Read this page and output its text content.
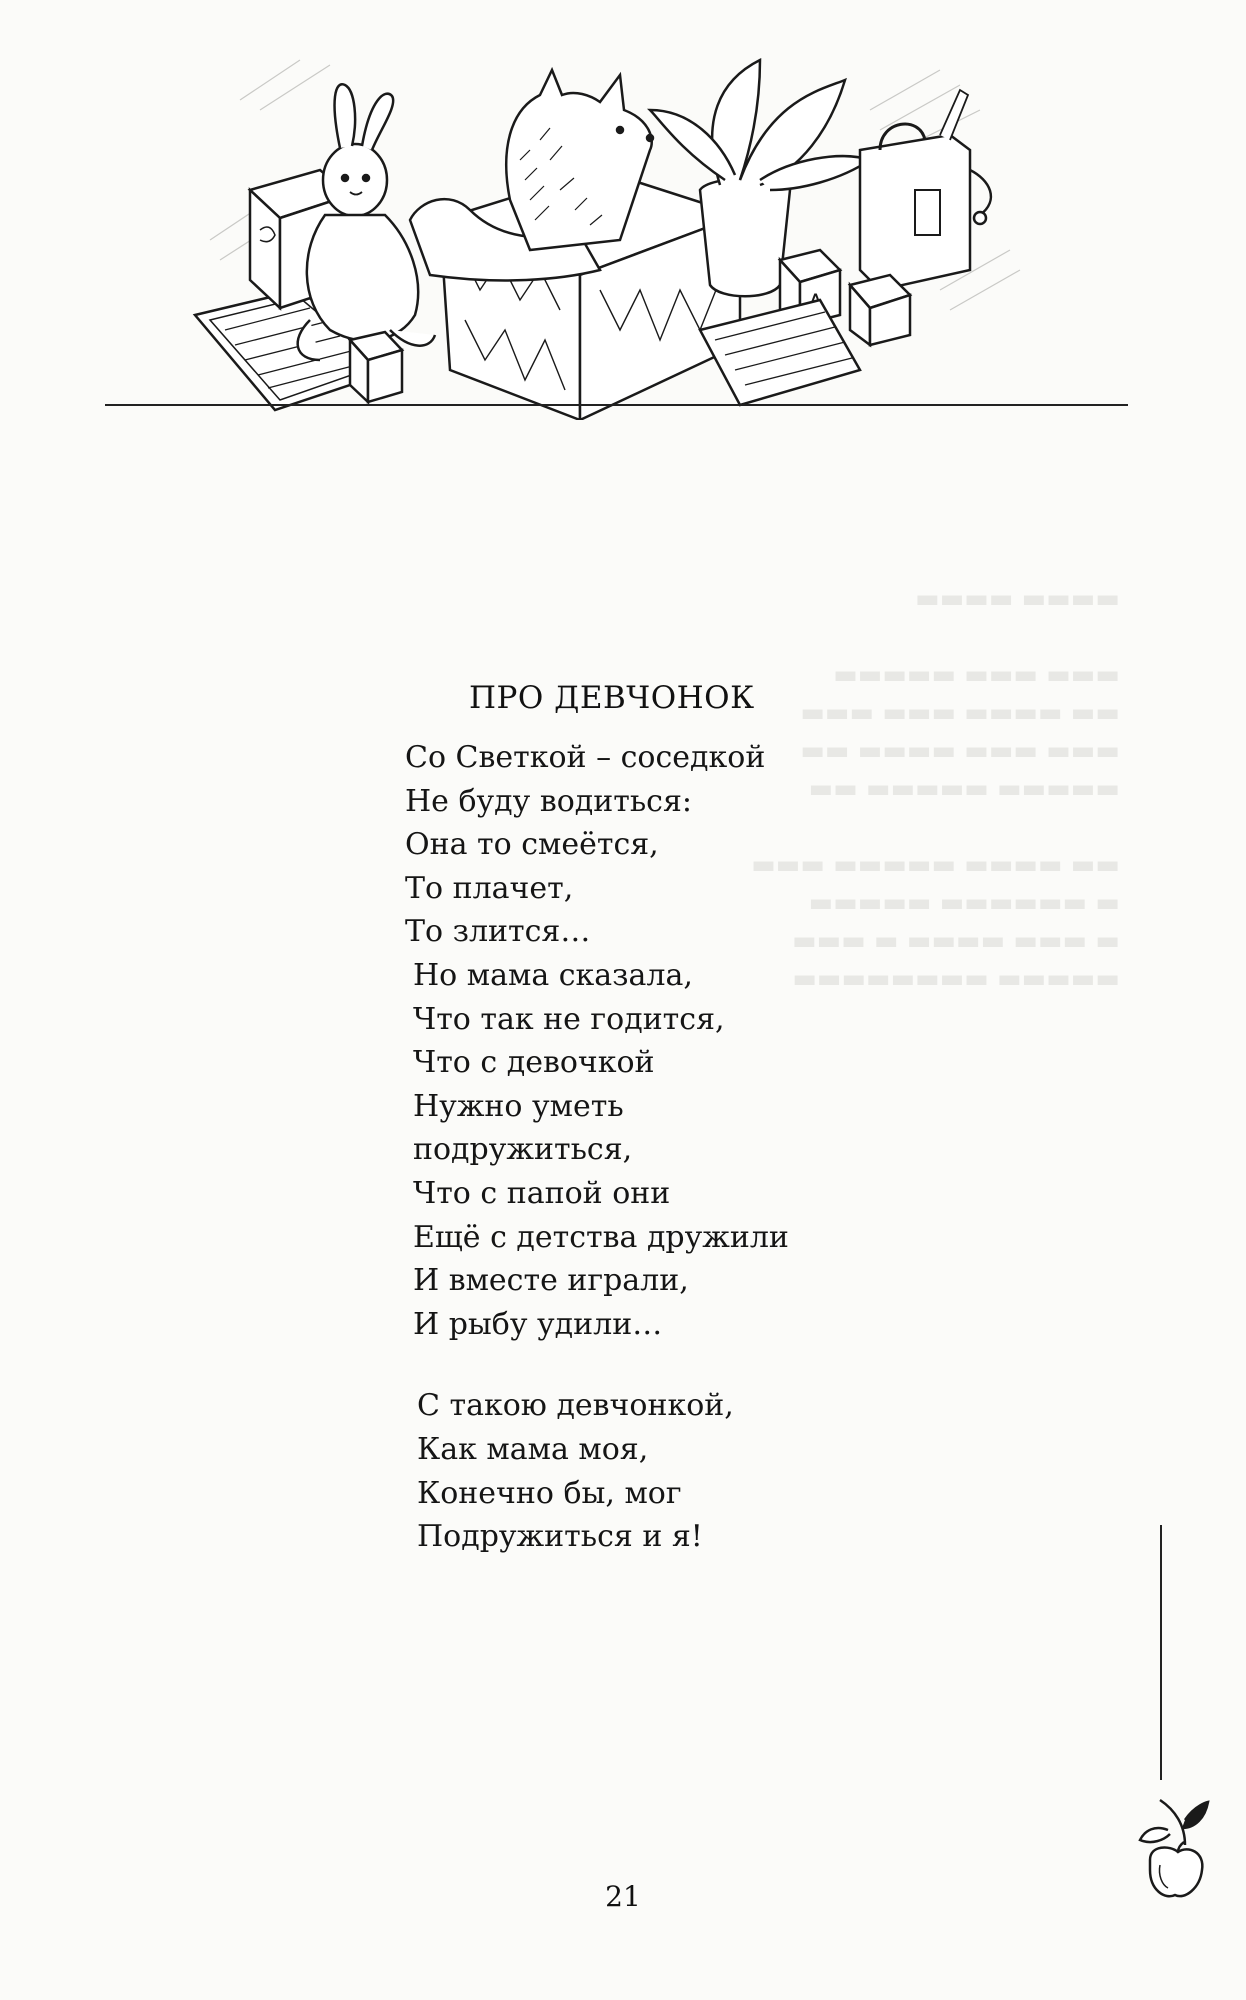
▬▬▬▬ ▬▬▬▬

▬▬▬ ▬▬▬ ▬▬▬▬▬
▬▬ ▬▬▬▬ ▬▬▬ ▬▬▬
▬▬▬ ▬▬▬ ▬▬▬▬ ▬▬
▬▬▬▬▬ ▬▬▬▬▬ ▬▬

▬▬ ▬▬▬▬ ▬▬▬▬▬ ▬▬▬
▬ ▬▬▬▬▬▬ ▬▬▬▬▬
▬ ▬▬▬ ▬▬▬▬ ▬ ▬▬▬
▬▬▬▬▬ ▬▬▬▬▬▬▬▬
ПРО ДЕВЧОНОК
Со Светкой – соседкой
Не буду водиться:
Она то смеётся,
То плачет,
То злится…
Но мама сказала,
Что так не годится,
Что с девочкой
Нужно уметь
подружиться,
Что с папой они
Ещё с детства дружили
И вместе играли,
И рыбу удили…
С такою девчонкой,
Как мама моя,
Конечно бы, мог
Подружиться и я!
21
